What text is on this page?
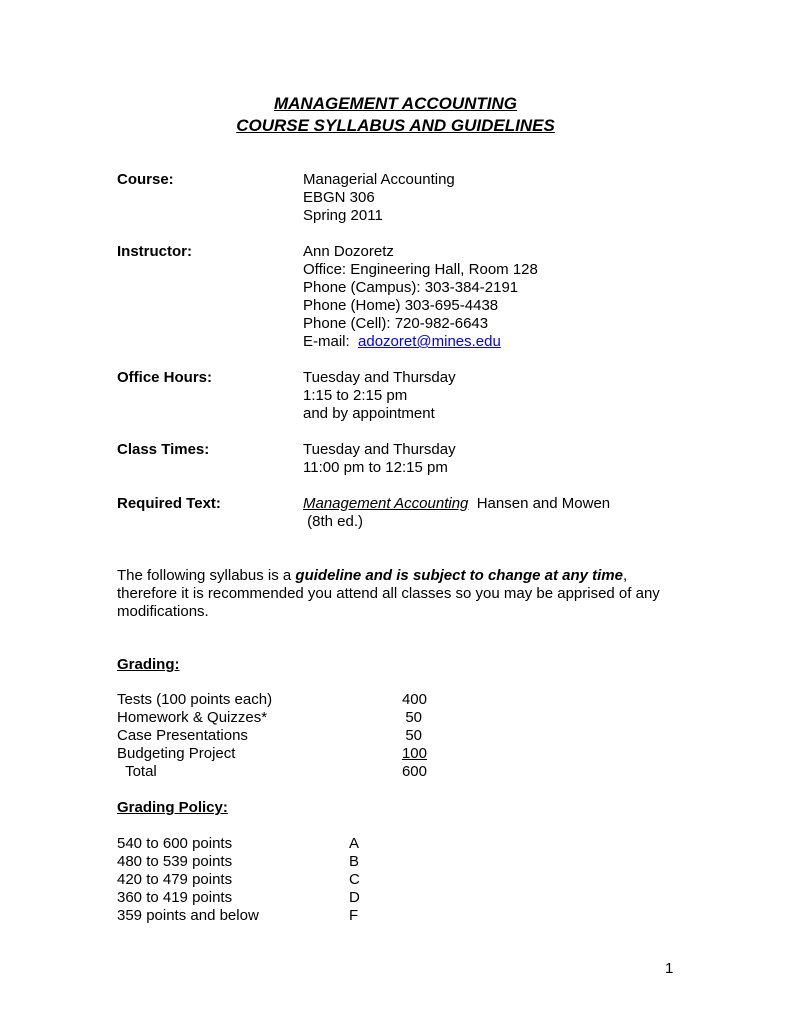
MANAGEMENT ACCOUNTING
COURSE SYLLABUS AND GUIDELINES
Course:	Managerial Accounting
EBGN 306
Spring 2011
Instructor:	Ann Dozoretz
Office: Engineering Hall, Room 128
Phone (Campus): 303-384-2191
Phone (Home) 303-695-4438
Phone (Cell): 720-982-6643
E-mail:  adozoret@mines.edu
Office Hours:	Tuesday and Thursday
1:15 to 2:15 pm
and by appointment
Class Times:	Tuesday and Thursday
11:00 pm to 12:15 pm
Required Text:	Management Accounting  Hansen and Mowen
(8th ed.)
The following syllabus is a guideline and is subject to change at any time, therefore it is recommended you attend all classes so you may be apprised of any modifications.
Grading:
Tests (100 points each)	400
Homework & Quizzes*	50
Case Presentations	50
Budgeting Project	100
Total	600
Grading Policy:
540 to 600 points	A
480 to 539 points	B
420 to 479 points	C
360 to 419 points	D
359 points and below	F
1
